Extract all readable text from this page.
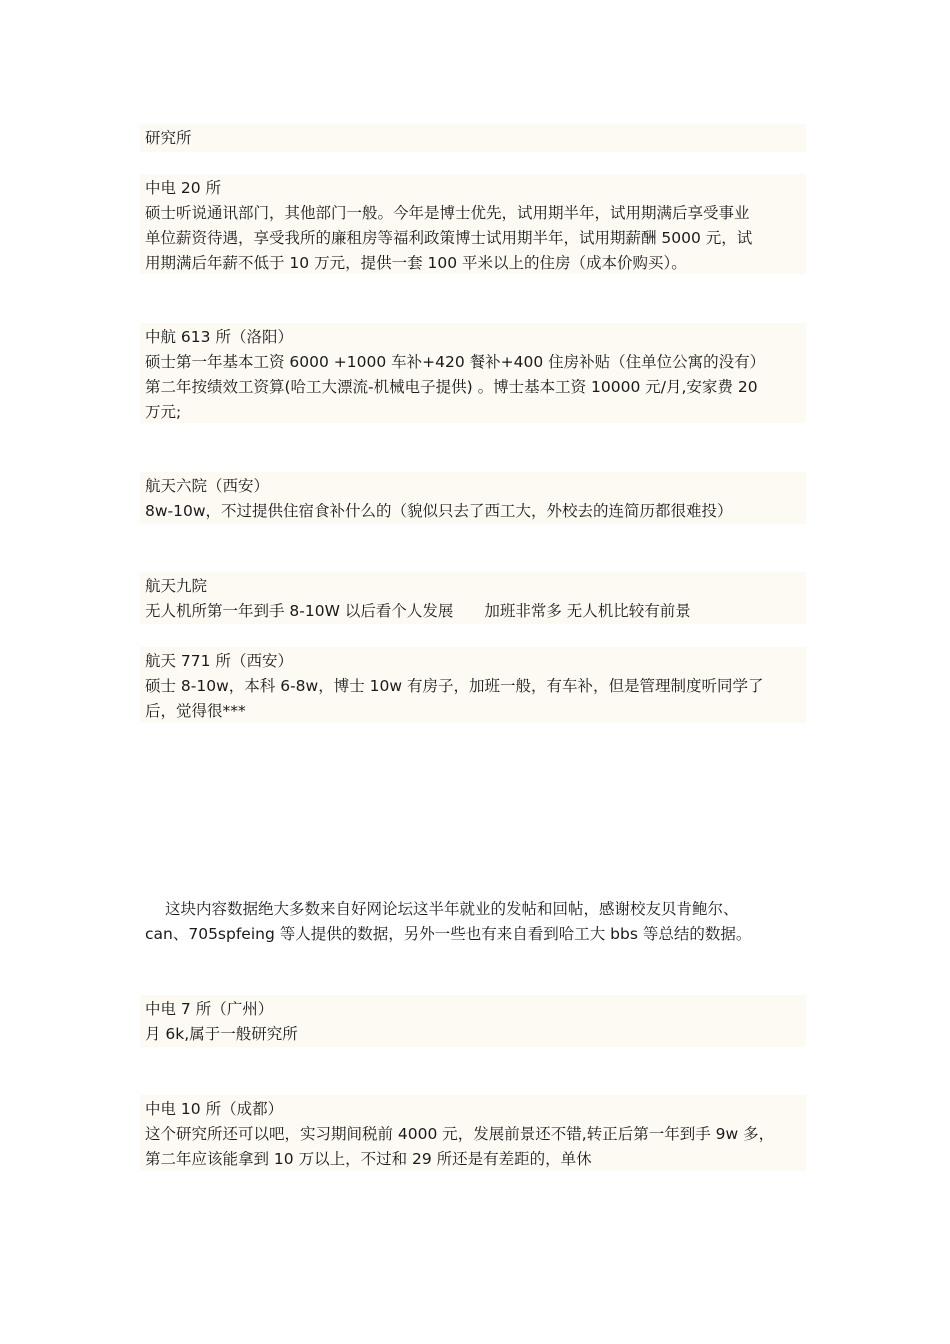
研究所
中电 20 所
硕士听说通讯部门，其他部门一般。今年是博士优先，试用期半年，试用期满后享受事业
单位薪资待遇，享受我所的廉租房等福利政策博士试用期半年，试用期薪酬 5000 元，试
用期满后年薪不低于 10 万元，提供一套 100 平米以上的住房（成本价购买）。
中航 613 所（洛阳）
硕士第一年基本工资 6000 +1000 车补+420 餐补+400 住房补贴（住单位公寓的没有）
第二年按绩效工资算(哈工大漂流-机械电子提供) 。博士基本工资 10000 元/月,安家费 20
万元;
航天六院（西安）
8w-10w，不过提供住宿食补什么的（貌似只去了西工大，外校去的连简历都很难投）
航天九院
无人机所第一年到手 8-10W 以后看个人发展　　加班非常多 无人机比较有前景
航天 771 所（西安）
硕士 8-10w，本科 6-8w，博士 10w 有房子，加班一般，有车补，但是管理制度听同学了
后，觉得很***
这块内容数据绝大多数来自好网论坛这半年就业的发帖和回帖，感谢校友贝肯鲍尔、
can、705spfeing 等人提供的数据，另外一些也有来自看到哈工大 bbs 等总结的数据。
中电 7 所（广州）
月 6k,属于一般研究所
中电 10 所（成都）
这个研究所还可以吧，实习期间税前 4000 元，发展前景还不错,转正后第一年到手 9w 多，
第二年应该能拿到 10 万以上，不过和 29 所还是有差距的，单休
